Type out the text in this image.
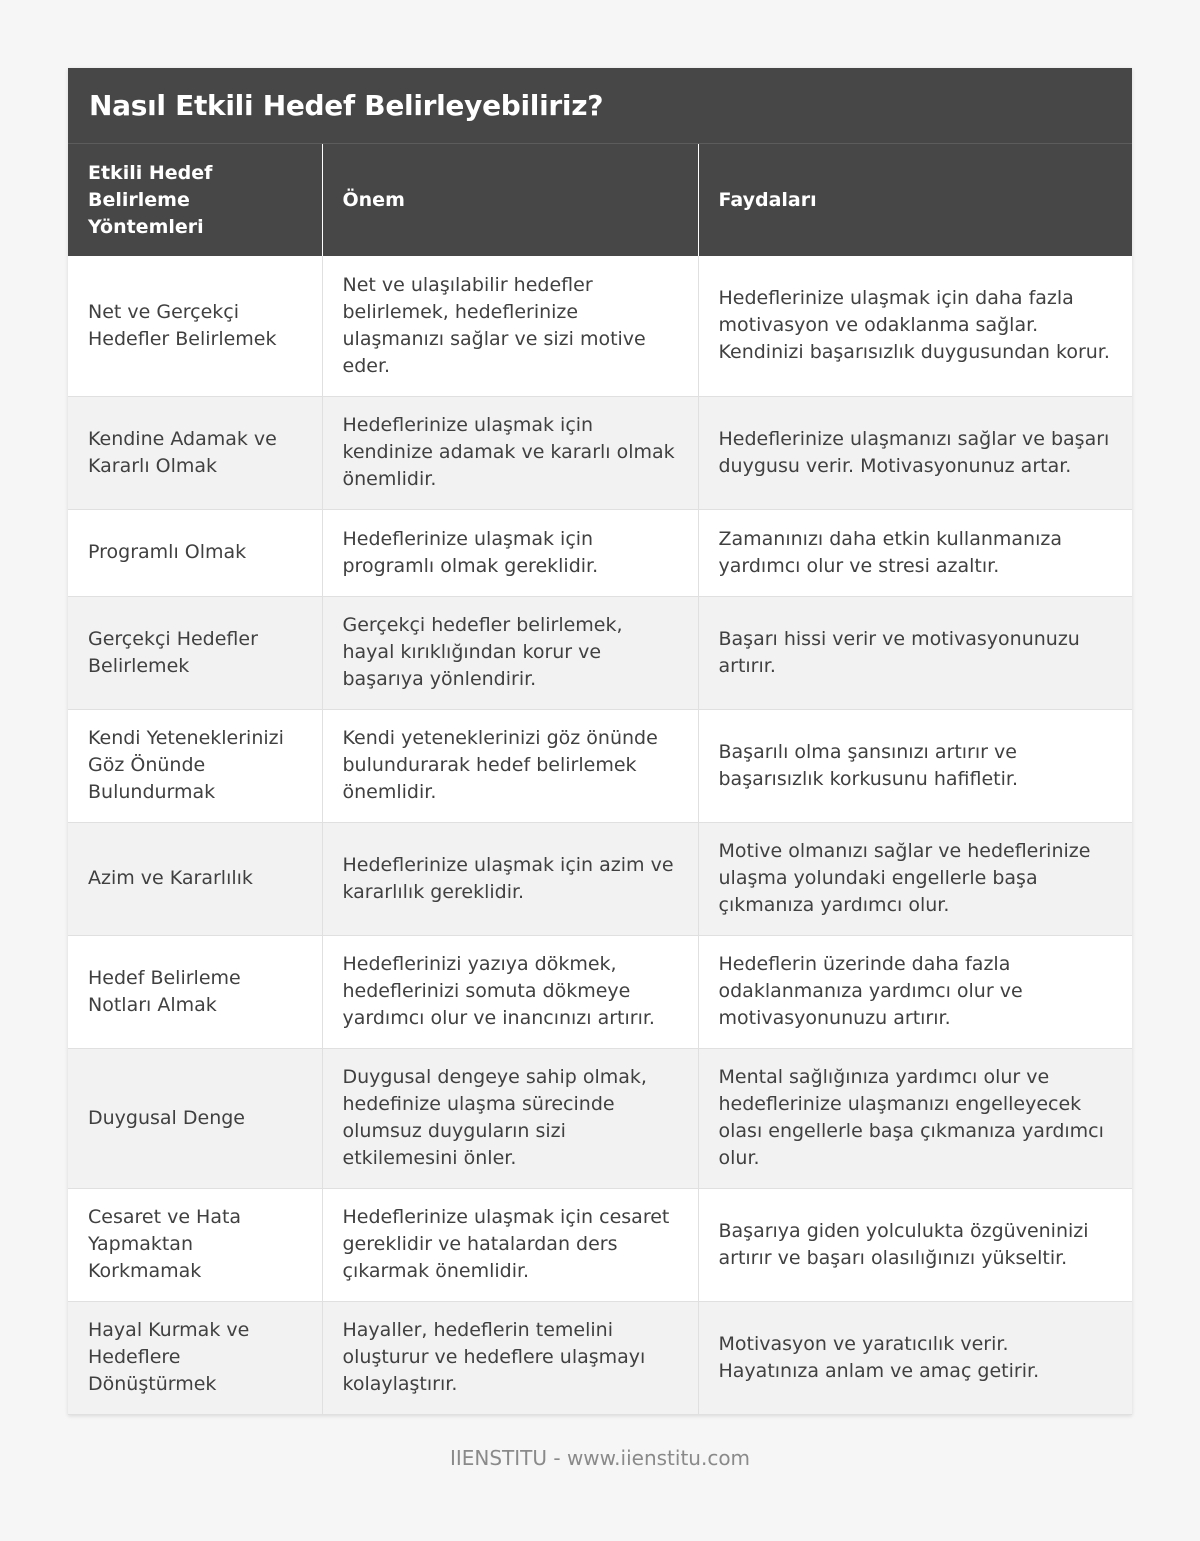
Nasıl Etkili Hedef Belirleyebiliriz?
Etkili Hedef Belirleme Yöntemleri	Önem	Faydaları
Net ve Gerçekçi Hedefler Belirlemek	Net ve ulaşılabilir hedefler belirlemek, hedeflerinize ulaşmanızı sağlar ve sizi motive eder.	Hedeflerinize ulaşmak için daha fazla motivasyon ve odaklanma sağlar. Kendinizi başarısızlık duygusundan korur.
Kendine Adamak ve Kararlı Olmak	Hedeflerinize ulaşmak için kendinize adamak ve kararlı olmak önemlidir.	Hedeflerinize ulaşmanızı sağlar ve başarı duygusu verir. Motivasyonunuz artar.
Programlı Olmak	Hedeflerinize ulaşmak için programlı olmak gereklidir.	Zamanınızı daha etkin kullanmanıza yardımcı olur ve stresi azaltır.
Gerçekçi Hedefler Belirlemek	Gerçekçi hedefler belirlemek, hayal kırıklığından korur ve başarıya yönlendirir.	Başarı hissi verir ve motivasyonunuzu artırır.
Kendi Yeteneklerinizi Göz Önünde Bulundurmak	Kendi yeteneklerinizi göz önünde bulundurarak hedef belirlemek önemlidir.	Başarılı olma şansınızı artırır ve başarısızlık korkusunu hafifletir.
Azim ve Kararlılık	Hedeflerinize ulaşmak için azim ve kararlılık gereklidir.	Motive olmanızı sağlar ve hedeflerinize ulaşma yolundaki engellerle başa çıkmanıza yardımcı olur.
Hedef Belirleme Notları Almak	Hedeflerinizi yazıya dökmek, hedeflerinizi somuta dökmeye yardımcı olur ve inancınızı artırır.	Hedeflerin üzerinde daha fazla odaklanmanıza yardımcı olur ve motivasyonunuzu artırır.
Duygusal Denge	Duygusal dengeye sahip olmak, hedefinize ulaşma sürecinde olumsuz duyguların sizi etkilemesini önler.	Mental sağlığınıza yardımcı olur ve hedeflerinize ulaşmanızı engelleyecek olası engellerle başa çıkmanıza yardımcı olur.
Cesaret ve Hata Yapmaktan Korkmamak	Hedeflerinize ulaşmak için cesaret gereklidir ve hatalardan ders çıkarmak önemlidir.	Başarıya giden yolculukta özgüveninizi artırır ve başarı olasılığınızı yükseltir.
Hayal Kurmak ve Hedeflere Dönüştürmek	Hayaller, hedeflerin temelini oluşturur ve hedeflere ulaşmayı kolaylaştırır.	Motivasyon ve yaratıcılık verir. Hayatınıza anlam ve amaç getirir.
IIENSTITU - www.iienstitu.com
